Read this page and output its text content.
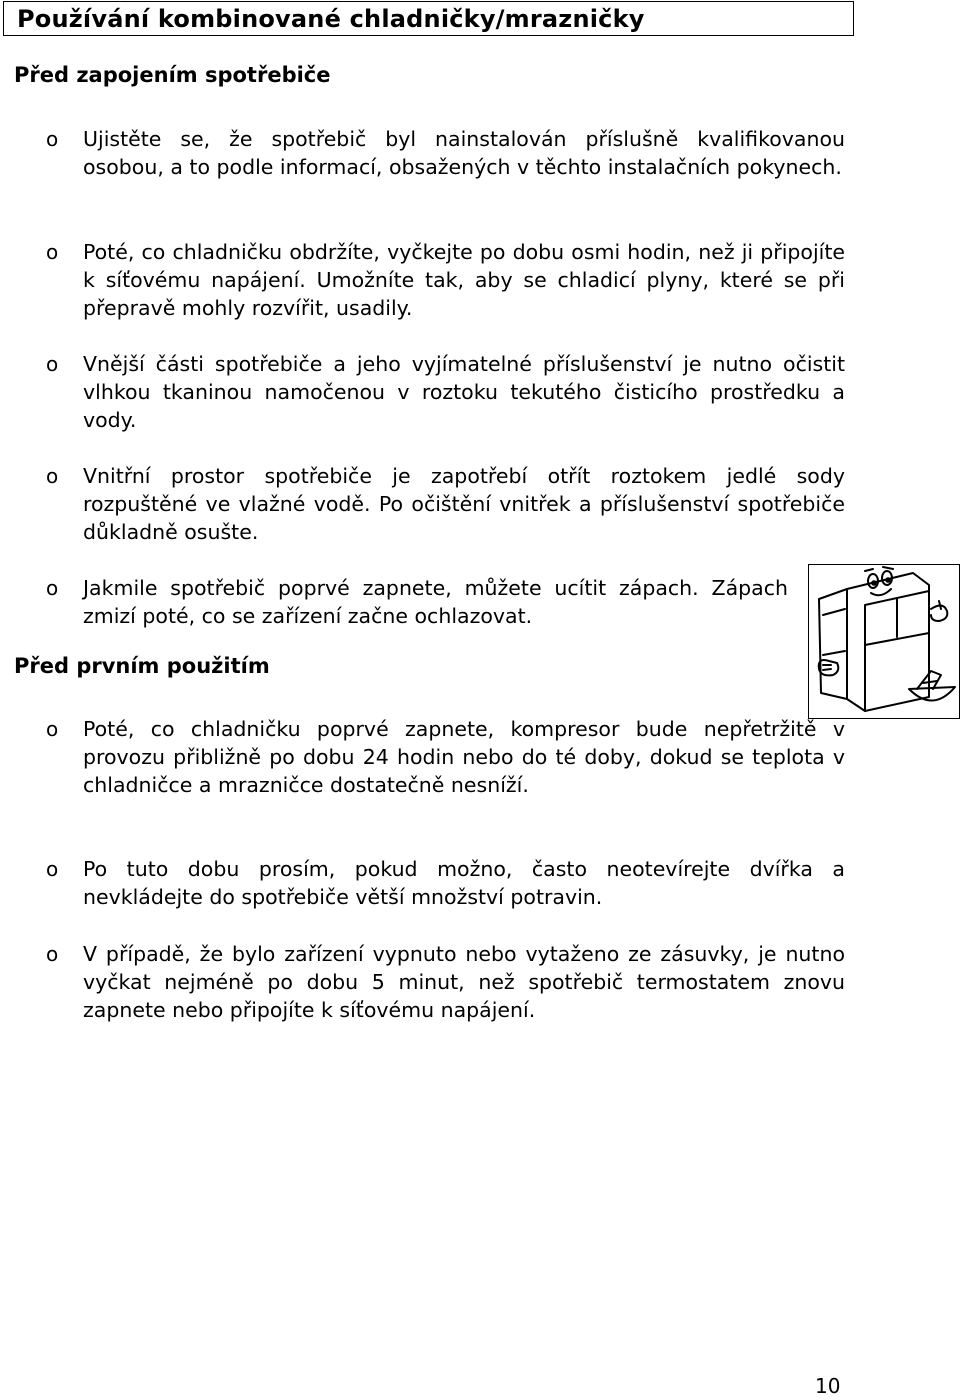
Používání kombinované chladničky/mrazničky
Před zapojením spotřebiče
o Ujistěte se, že spotřebič byl nainstalován příslušně kvalifikovanou osobou, a to podle informací, obsažených v těchto instalačních pokynech.
o Poté, co chladničku obdržíte, vyčkejte po dobu osmi hodin, než ji připojíte k síťovému napájení. Umožníte tak, aby se chladicí plyny, které se při přepravě mohly rozvířit, usadily.
o Vnější části spotřebiče a jeho vyjímatelné příslušenství je nutno očistit vlhkou tkaninou namočenou v roztoku tekutého čisticího prostředku a vody.
o Vnitřní prostor spotřebiče je zapotřebí otřít roztokem jedlé sody rozpuštěné ve vlažné vodě. Po očištění vnitřek a příslušenství spotřebiče důkladně osušte.
o Jakmile spotřebič poprvé zapnete, můžete ucítit zápach. Zápach zmizí poté, co se zařízení začne ochlazovat.
Před prvním použitím
o Poté, co chladničku poprvé zapnete, kompresor bude nepřetržitě v provozu přibližně po dobu 24 hodin nebo do té doby, dokud se teplota v chladničce a mrazničce dostatečně nesníží.
o Po tuto dobu prosím, pokud možno, často neotevírejte dvířka a nevkládejte do spotřebiče větší množství potravin.
o V případě, že bylo zařízení vypnuto nebo vytaženo ze zásuvky, je nutno vyčkat nejméně po dobu 5 minut, než spotřebič termostatem znovu zapnete nebo připojíte k síťovému napájení.
10
